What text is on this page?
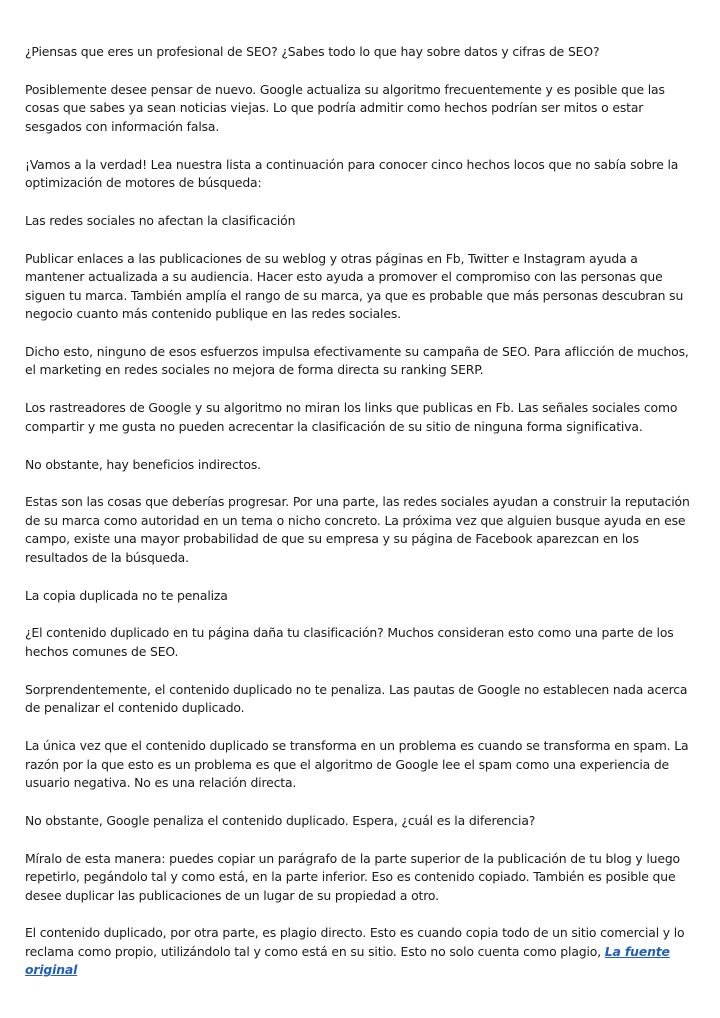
¿Piensas que eres un profesional de SEO? ¿Sabes todo lo que hay sobre datos y cifras de SEO?

Posiblemente desee pensar de nuevo. Google actualiza su algoritmo frecuentemente y es posible que las cosas que sabes ya sean noticias viejas. Lo que podría admitir como hechos podrían ser mitos o estar sesgados con información falsa.

¡Vamos a la verdad! Lea nuestra lista a continuación para conocer cinco hechos locos que no sabía sobre la optimización de motores de búsqueda:

Las redes sociales no afectan la clasificación

Publicar enlaces a las publicaciones de su weblog y otras páginas en Fb, Twitter e Instagram ayuda a mantener actualizada a su audiencia. Hacer esto ayuda a promover el compromiso con las personas que siguen tu marca. También amplía el rango de su marca, ya que es probable que más personas descubran su negocio cuanto más contenido publique en las redes sociales.

Dicho esto, ninguno de esos esfuerzos impulsa efectivamente su campaña de SEO. Para aflicción de muchos, el marketing en redes sociales no mejora de forma directa su ranking SERP.

Los rastreadores de Google y su algoritmo no miran los links que publicas en Fb. Las señales sociales como compartir y me gusta no pueden acrecentar la clasificación de su sitio de ninguna forma significativa.

No obstante, hay beneficios indirectos.

Estas son las cosas que deberías progresar. Por una parte, las redes sociales ayudan a construir la reputación de su marca como autoridad en un tema o nicho concreto. La próxima vez que alguien busque ayuda en ese campo, existe una mayor probabilidad de que su empresa y su página de Facebook aparezcan en los resultados de la búsqueda.

La copia duplicada no te penaliza

¿El contenido duplicado en tu página daña tu clasificación? Muchos consideran esto como una parte de los hechos comunes de SEO.

Sorprendentemente, el contenido duplicado no te penaliza. Las pautas de Google no establecen nada acerca de penalizar el contenido duplicado.

La única vez que el contenido duplicado se transforma en un problema es cuando se transforma en spam. La razón por la que esto es un problema es que el algoritmo de Google lee el spam como una experiencia de usuario negativa. No es una relación directa.

No obstante, Google penaliza el contenido duplicado. Espera, ¿cuál es la diferencia?

Míralo de esta manera: puedes copiar un parágrafo de la parte superior de la publicación de tu blog y luego repetirlo, pegándolo tal y como está, en la parte inferior. Eso es contenido copiado. También es posible que desee duplicar las publicaciones de un lugar de su propiedad a otro.

El contenido duplicado, por otra parte, es plagio directo. Esto es cuando copia todo de un sitio comercial y lo reclama como propio, utilizándolo tal y como está en su sitio. Esto no solo cuenta como plagio, La fuente original
